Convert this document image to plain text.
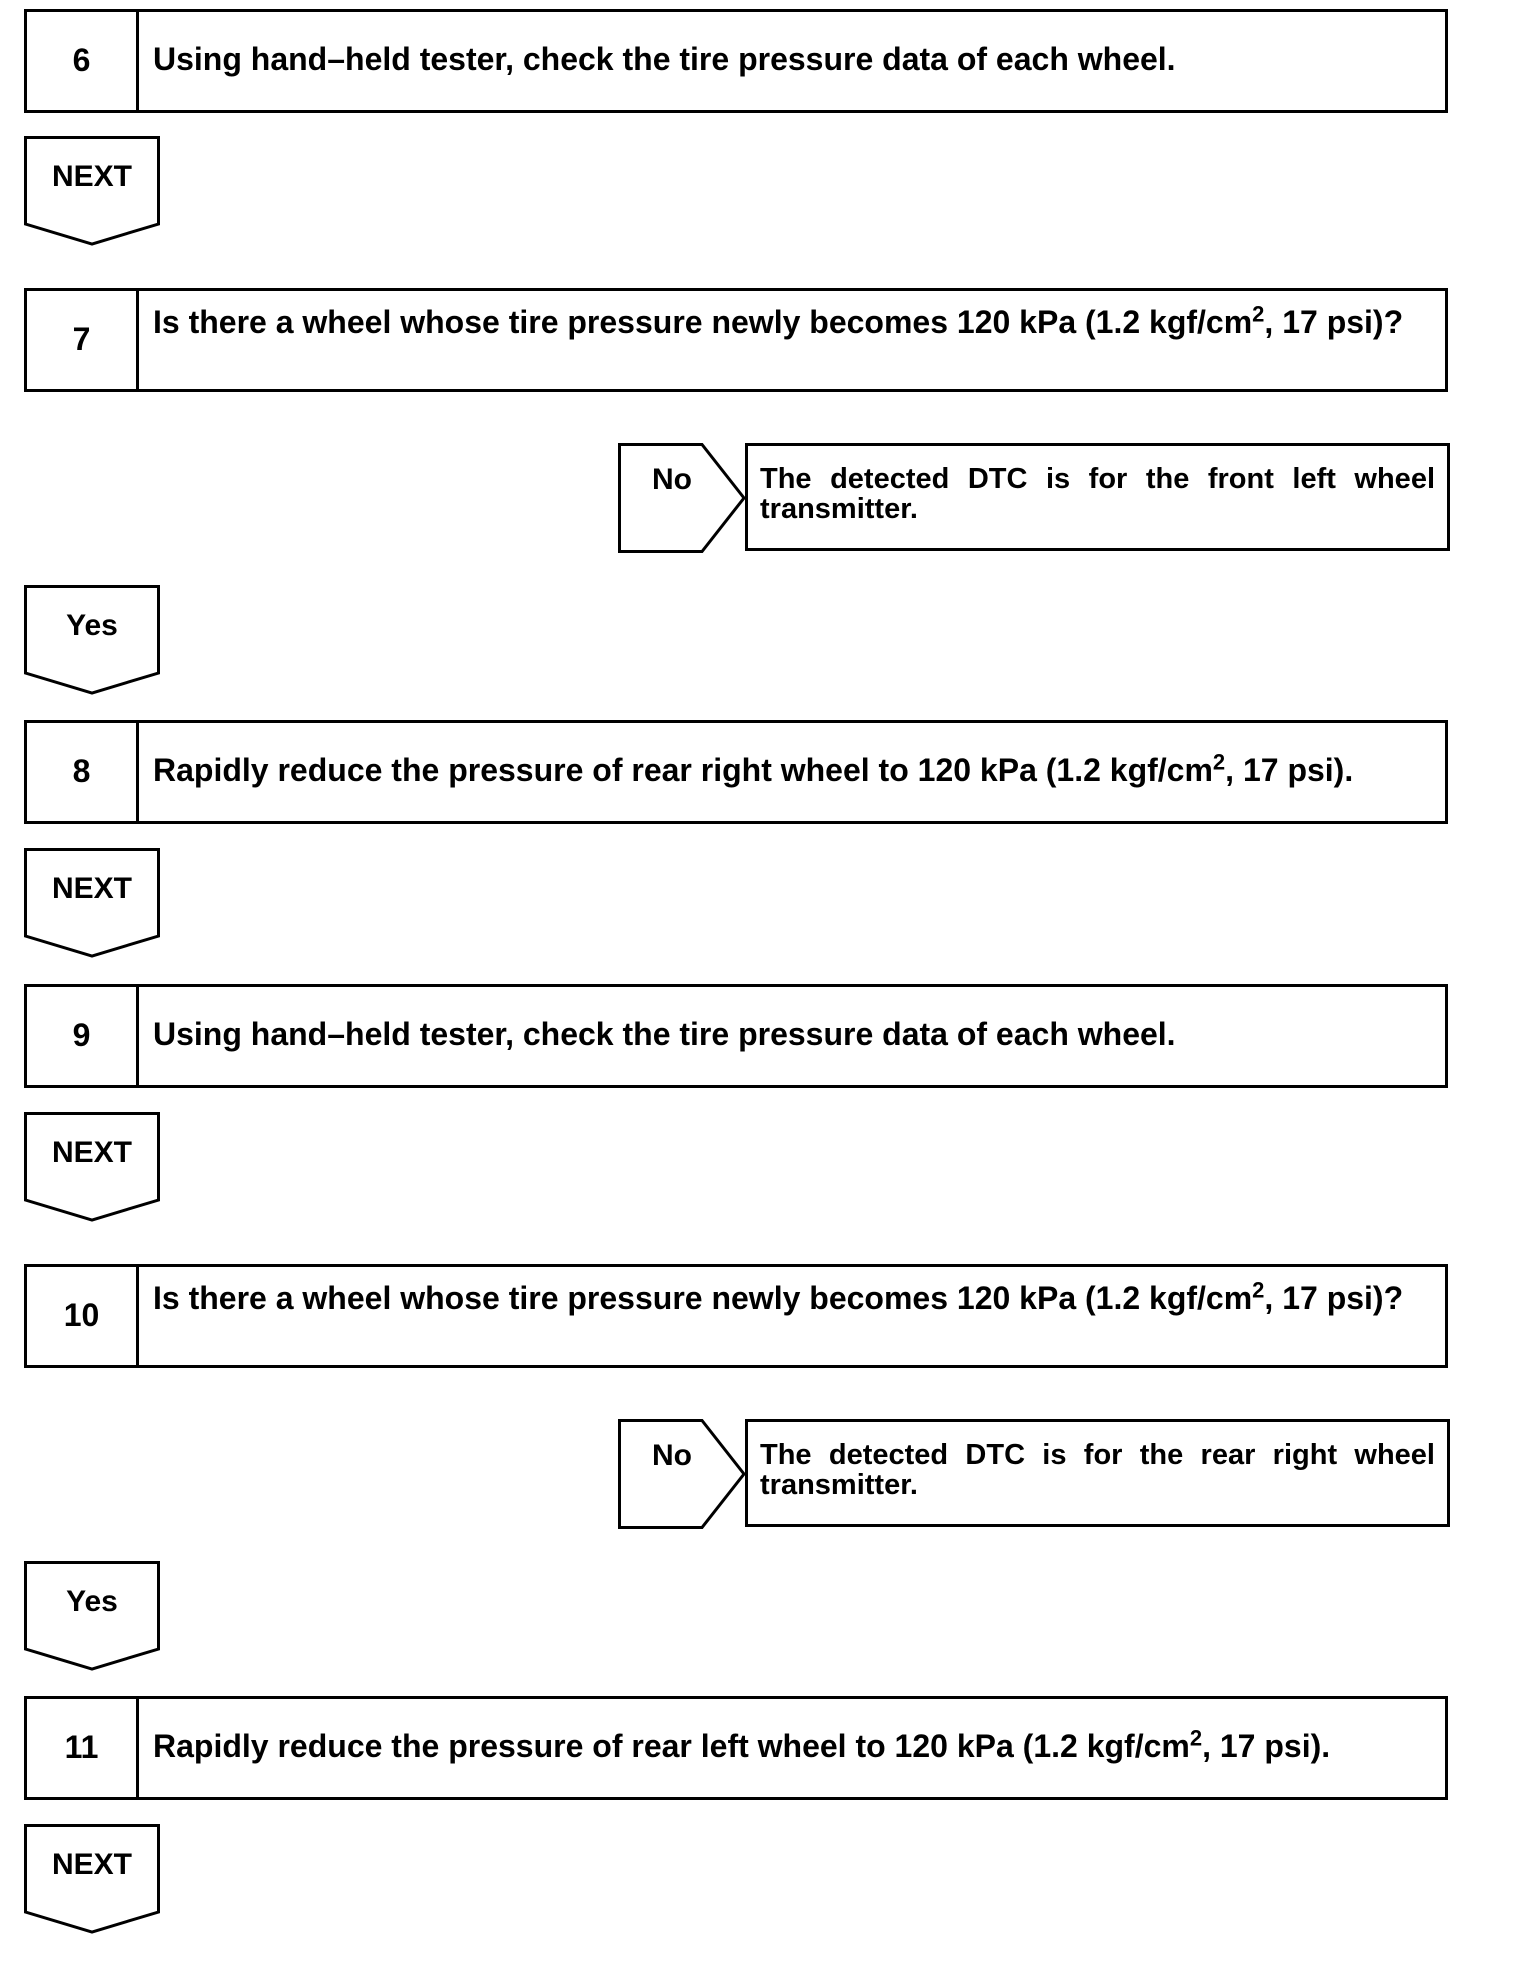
6	Using hand–held tester, check the tire pressure data of each wheel.
NEXT
7	Is there a wheel whose tire pressure newly becomes 120 kPa (1.2 kgf/$cm^2$, 17 psi)?
No	The detected DTC is for the front left wheel
transmitter.
Yes
8	Rapidly reduce the pressure of rear right wheel to 120 kPa (1.2 kgf/$cm^2$, 17 psi).
NEXT
9	Using hand–held tester, check the tire pressure data of each wheel.
NEXT
10	Is there a wheel whose tire pressure newly becomes 120 kPa (1.2 kgf/$cm^2$, 17 psi)?
No	The detected DTC is for the rear right wheel
transmitter.
Yes
11	Rapidly reduce the pressure of rear left wheel to 120 kPa (1.2 kgf/$cm^2$, 17 psi).
NEXT
